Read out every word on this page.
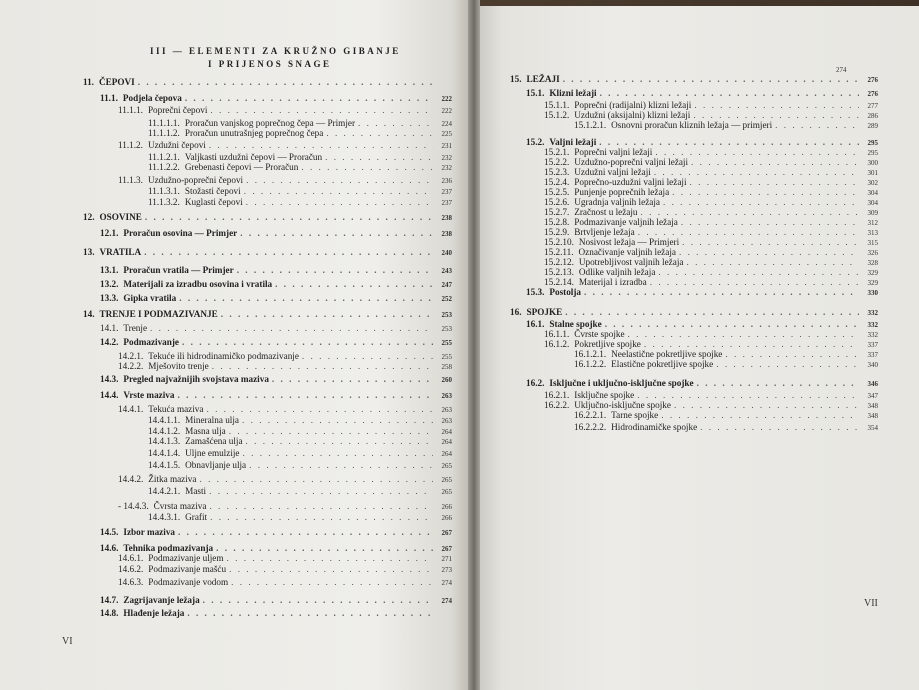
III — ELEMENTI ZA KRUŽNO GIBANJE
I PRIJENOS SNAGE
11. ČEPOVI
. . .
11.1. Podjela čepova . . .	222
11.1.1. Poprečni čepovi . . .	222
11.1.1.1. Proračun vanjskog poprečnog čepa — Primjer . . .	224
11.1.1.2. Proračun unutrašnjeg poprečnog čepa . . .	225
11.1.2. Uzdužni čepovi . . .	231
11.1.2.1. Valjkasti uzdužni čepovi — Proračun . . .	232
11.1.2.2. Grebenasti čepovi — Proračun . . .	232
11.1.3. Uzdužno-poprečni čepovi . . .	236
11.1.3.1. Stožasti čepovi . . .	237
11.1.3.2. Kuglasti čepovi . . .	237
12. OSOVINE . . .	238
12.1. Proračun osovina — Primjer . . .	238
13. VRATILA . . .	240
13.1. Proračun vratila — Primjer . . .	243
13.2. Materijali za izradbu osovina i vratila . . .	247
13.3. Gipka vratila . . .	252
14. TRENJE I PODMAZIVANJE . . .	253
14.1. Trenje . . .	253
14.2. Podmazivanje . . .	255
14.2.1. Tekuće ili hidrodinamičko podmazivanje . . .	255
14.2.2. Mješovito trenje . . .	258
14.3. Pregled najvažnijih svojstava maziva . . .	260
14.4. Vrste maziva . . .	263
14.4.1. Tekuća maziva . . .	263
14.4.1.1. Mineralna ulja . . .	263
14.4.1.2. Masna ulja . . .	264
14.4.1.3. Zamašćena ulja . . .	264
14.4.1.4. Uljne emulzije . . .	264
14.4.1.5. Obnavljanje ulja . . .	265
14.4.2. Žitka maziva . . .	265
14.4.2.1. Masti . . .	265
- 14.4.3. Čvrsta maziva . . .	266
14.4.3.1. Grafit . . .	266
14.5. Izbor maziva . . .	267
14.6. Tehnika podmazivanja . . .	267
14.6.1. Podmazivanje uljem . . .	271
14.6.2. Podmazivanje mašću . . .	273
14.6.3. Podmazivanje vodom . . .	274
14.7. Zagrijavanje ležaja . . .	274
14.8. Hlađenje ležaja
. . .
VI
274
15. LEŽAJI . . .	276
15.1. Klizni ležaji . . .	276
15.1.1. Poprečni (radijalni) klizni ležaji . . .	277
15.1.2. Uzdužni (aksijalni) klizni ležaji . . .	286
15.1.2.1. Osnovni proračun kliznih ležaja — primjeri . . .	289
15.2. Valjni ležaji . . .	295
15.2.1. Poprečni valjni ležaji . . .	295
15.2.2. Uzdužno-poprečni valjni ležaji . . .	300
15.2.3. Uzdužni valjni ležaji . . .	301
15.2.4. Poprečno-uzdužni valjni ležaji . . .	302
15.2.5. Punjenje poprečnih ležaja . . .	304
15.2.6. Ugradnja valjnih ležaja . . .	304
15.2.7. Zračnost u ležaju . . .	309
15.2.8. Podmazivanje valjnih ležaja . . .	312
15.2.9. Brtvljenje ležaja . . .	313
15.2.10. Nosivost ležaja — Primjeri . . .	315
15.2.11. Označivanje valjnih ležaja . . .	326
15.2.12. Upotrebljivost valjnih ležaja . . .	328
15.2.13. Odlike valjnih ležaja . . .	329
15.2.14. Materijal i izradba . . .	329
15.3. Postolja . . .	330
16. SPOJKE . . .	332
16.1. Stalne spojke . . .	332
16.1.1. Čvrste spojke . . .	332
16.1.2. Pokretljive spojke . . .	337
16.1.2.1. Neelastične pokretljive spojke . . .	337
16.1.2.2. Elastične pokretljive spojke . . .	340
16.2. Isključne i uključno-isključne spojke . . .	346
16.2.1. Isključne spojke . . .	347
16.2.2. Uključno-isključne spojke . . .	348
16.2.2.1. Tarne spojke . . .	348
16.2.2.2. Hidrodinamičke spojke . . .	354
VII
